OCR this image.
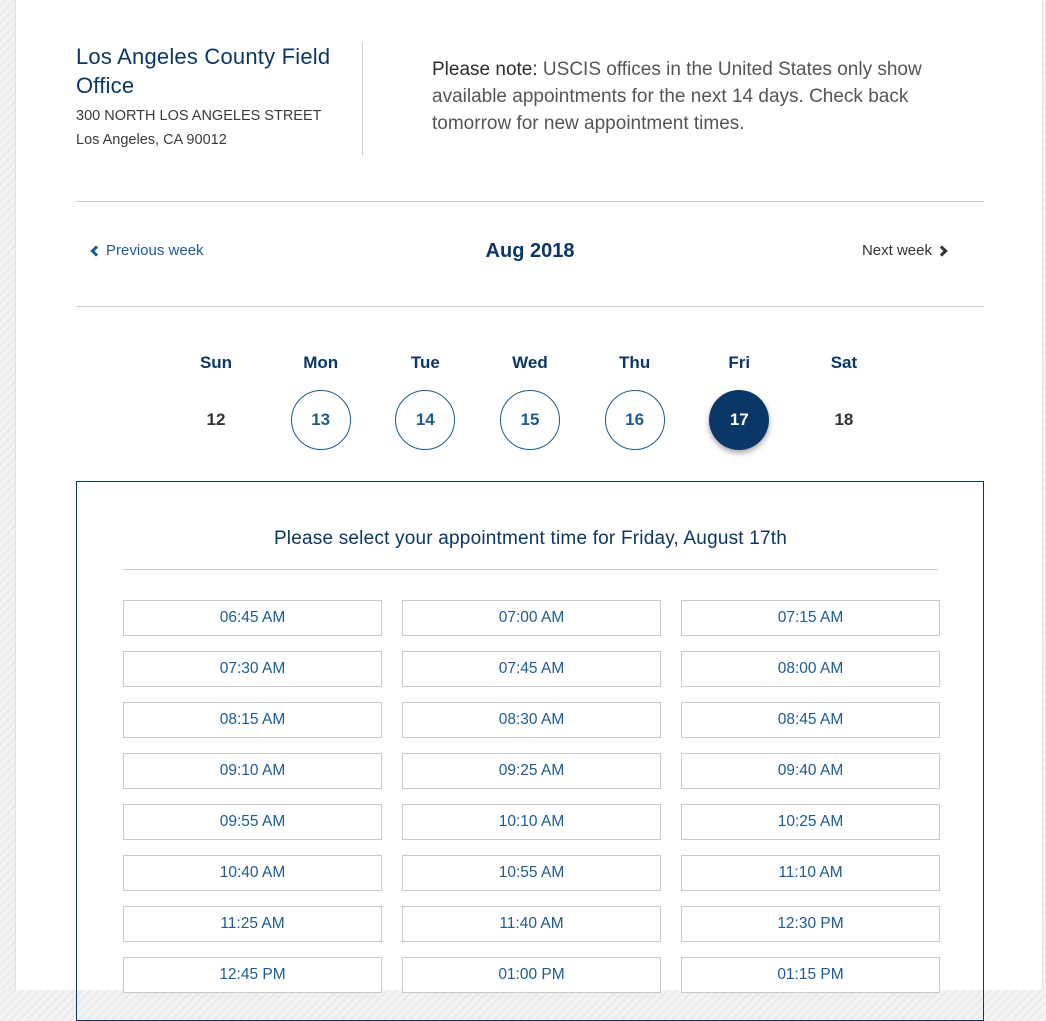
Los Angeles County Field Office
300 NORTH LOS ANGELES STREET
Los Angeles, CA 90012
Please note: USCIS offices in the United States only show available appointments for the next 14 days. Check back tomorrow for new appointment times.
Previous week	Aug 2018	Next week
Sun
12
Mon
13
Tue
14
Wed
15
Thu
16
Fri
17
Sat
18
Please select your appointment time for Friday, August 17th
06:45 AM	07:00 AM	07:15 AM
07:30 AM	07:45 AM	08:00 AM
08:15 AM	08:30 AM	08:45 AM
09:10 AM	09:25 AM	09:40 AM
09:55 AM	10:10 AM	10:25 AM
10:40 AM	10:55 AM	11:10 AM
11:25 AM	11:40 AM	12:30 PM
12:45 PM	01:00 PM	01:15 PM
